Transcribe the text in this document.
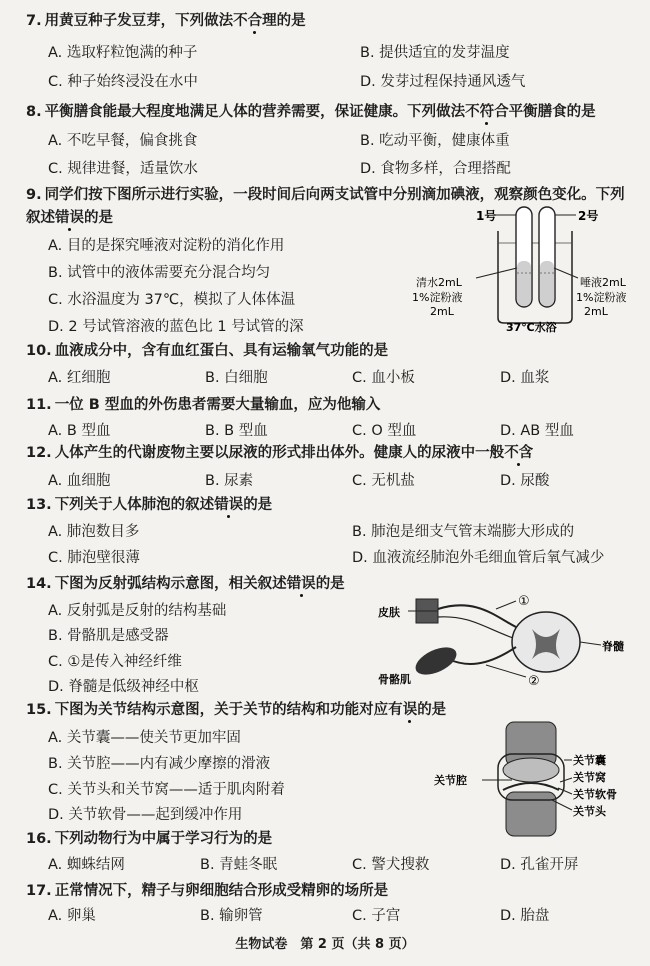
7. 用黄豆种子发豆芽，下列做法不合理的是
A. 选取籽粒饱满的种子	B. 提供适宜的发芽温度
C. 种子始终浸没在水中	D. 发芽过程保持通风透气
8. 平衡膳食能最大程度地满足人体的营养需要，保证健康。下列做法不符合平衡膳食的是
A. 不吃早餐，偏食挑食	B. 吃动平衡，健康体重
C. 规律进餐，适量饮水	D. 食物多样，合理搭配
9. 同学们按下图所示进行实验，一段时间后向两支试管中分别滴加碘液，观察颜色变化。下列叙述错误的是
A. 目的是探究唾液对淀粉的消化作用
B. 试管中的液体需要充分混合均匀
C. 水浴温度为 37℃，模拟了人体体温
D. 2 号试管溶液的蓝色比 1 号试管的深
1号	2号
清水2mL
1%淀粉液
2mL
唾液2mL
1%淀粉液
2mL
37℃水浴
10. 血液成分中，含有血红蛋白、具有运输氧气功能的是
A. 红细胞	B. 白细胞	C. 血小板	D. 血浆
11. 一位 B 型血的外伤患者需要大量输血，应为他输入
A. B 型血	B. B 型血	C. O 型血	D. AB 型血
12. 人体产生的代谢废物主要以尿液的形式排出体外。健康人的尿液中一般不含
A. 血细胞	B. 尿素	C. 无机盐	D. 尿酸
13. 下列关于人体肺泡的叙述错误的是
A. 肺泡数目多	B. 肺泡是细支气管末端膨大形成的
C. 肺泡壁很薄	D. 血液流经肺泡外毛细血管后氧气减少
14. 下图为反射弧结构示意图，相关叙述错误的是
A. 反射弧是反射的结构基础
B. 骨骼肌是感受器
C. ①是传入神经纤维
D. 脊髓是低级神经中枢
皮肤
骨骼肌
脊髓
①
②
15. 下图为关节结构示意图，关于关节的结构和功能对应有误的是
A. 关节囊——使关节更加牢固
B. 关节腔——内有减少摩擦的滑液
C. 关节头和关节窝——适于肌肉附着
D. 关节软骨——起到缓冲作用
关节囊
关节腔	关节窝
关节软骨
关节头
16. 下列动物行为中属于学习行为的是
A. 蜘蛛结网	B. 青蛙冬眠	C. 警犬搜救	D. 孔雀开屏
17. 正常情况下，精子与卵细胞结合形成受精卵的场所是
A. 卵巢	B. 输卵管	C. 子宫	D. 胎盘
生物试卷　第 2 页（共 8 页）
